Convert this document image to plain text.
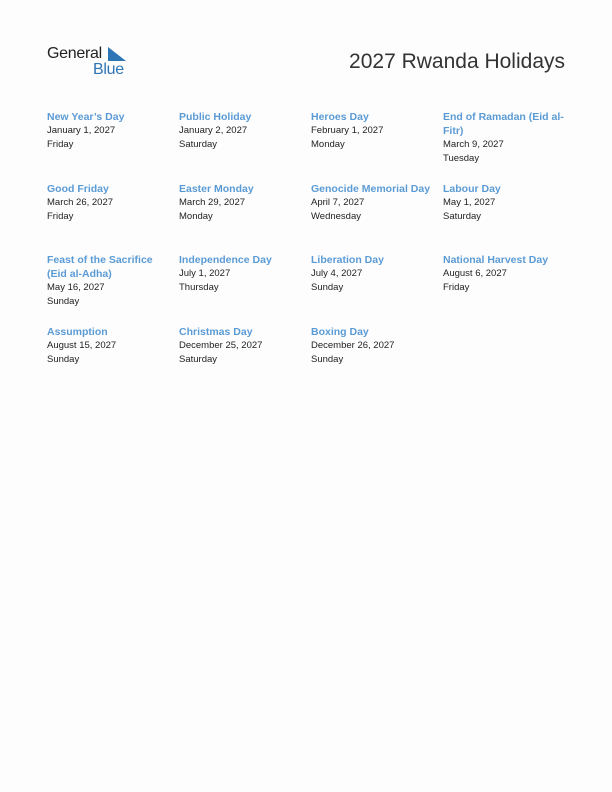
General
Blue	2027 Rwanda Holidays
New Year’s Day
January 1, 2027
Friday
Public Holiday
January 2, 2027
Saturday
Heroes Day
February 1, 2027
Monday
End of Ramadan (Eid al-Fitr)
March 9, 2027
Tuesday
Good Friday
March 26, 2027
Friday
Easter Monday
March 29, 2027
Monday
Genocide Memorial Day
April 7, 2027
Wednesday
Labour Day
May 1, 2027
Saturday
Feast of the Sacrifice (Eid al-Adha)
May 16, 2027
Sunday
Independence Day
July 1, 2027
Thursday
Liberation Day
July 4, 2027
Sunday
National Harvest Day
August 6, 2027
Friday
Assumption
August 15, 2027
Sunday
Christmas Day
December 25, 2027
Saturday
Boxing Day
December 26, 2027
Sunday
